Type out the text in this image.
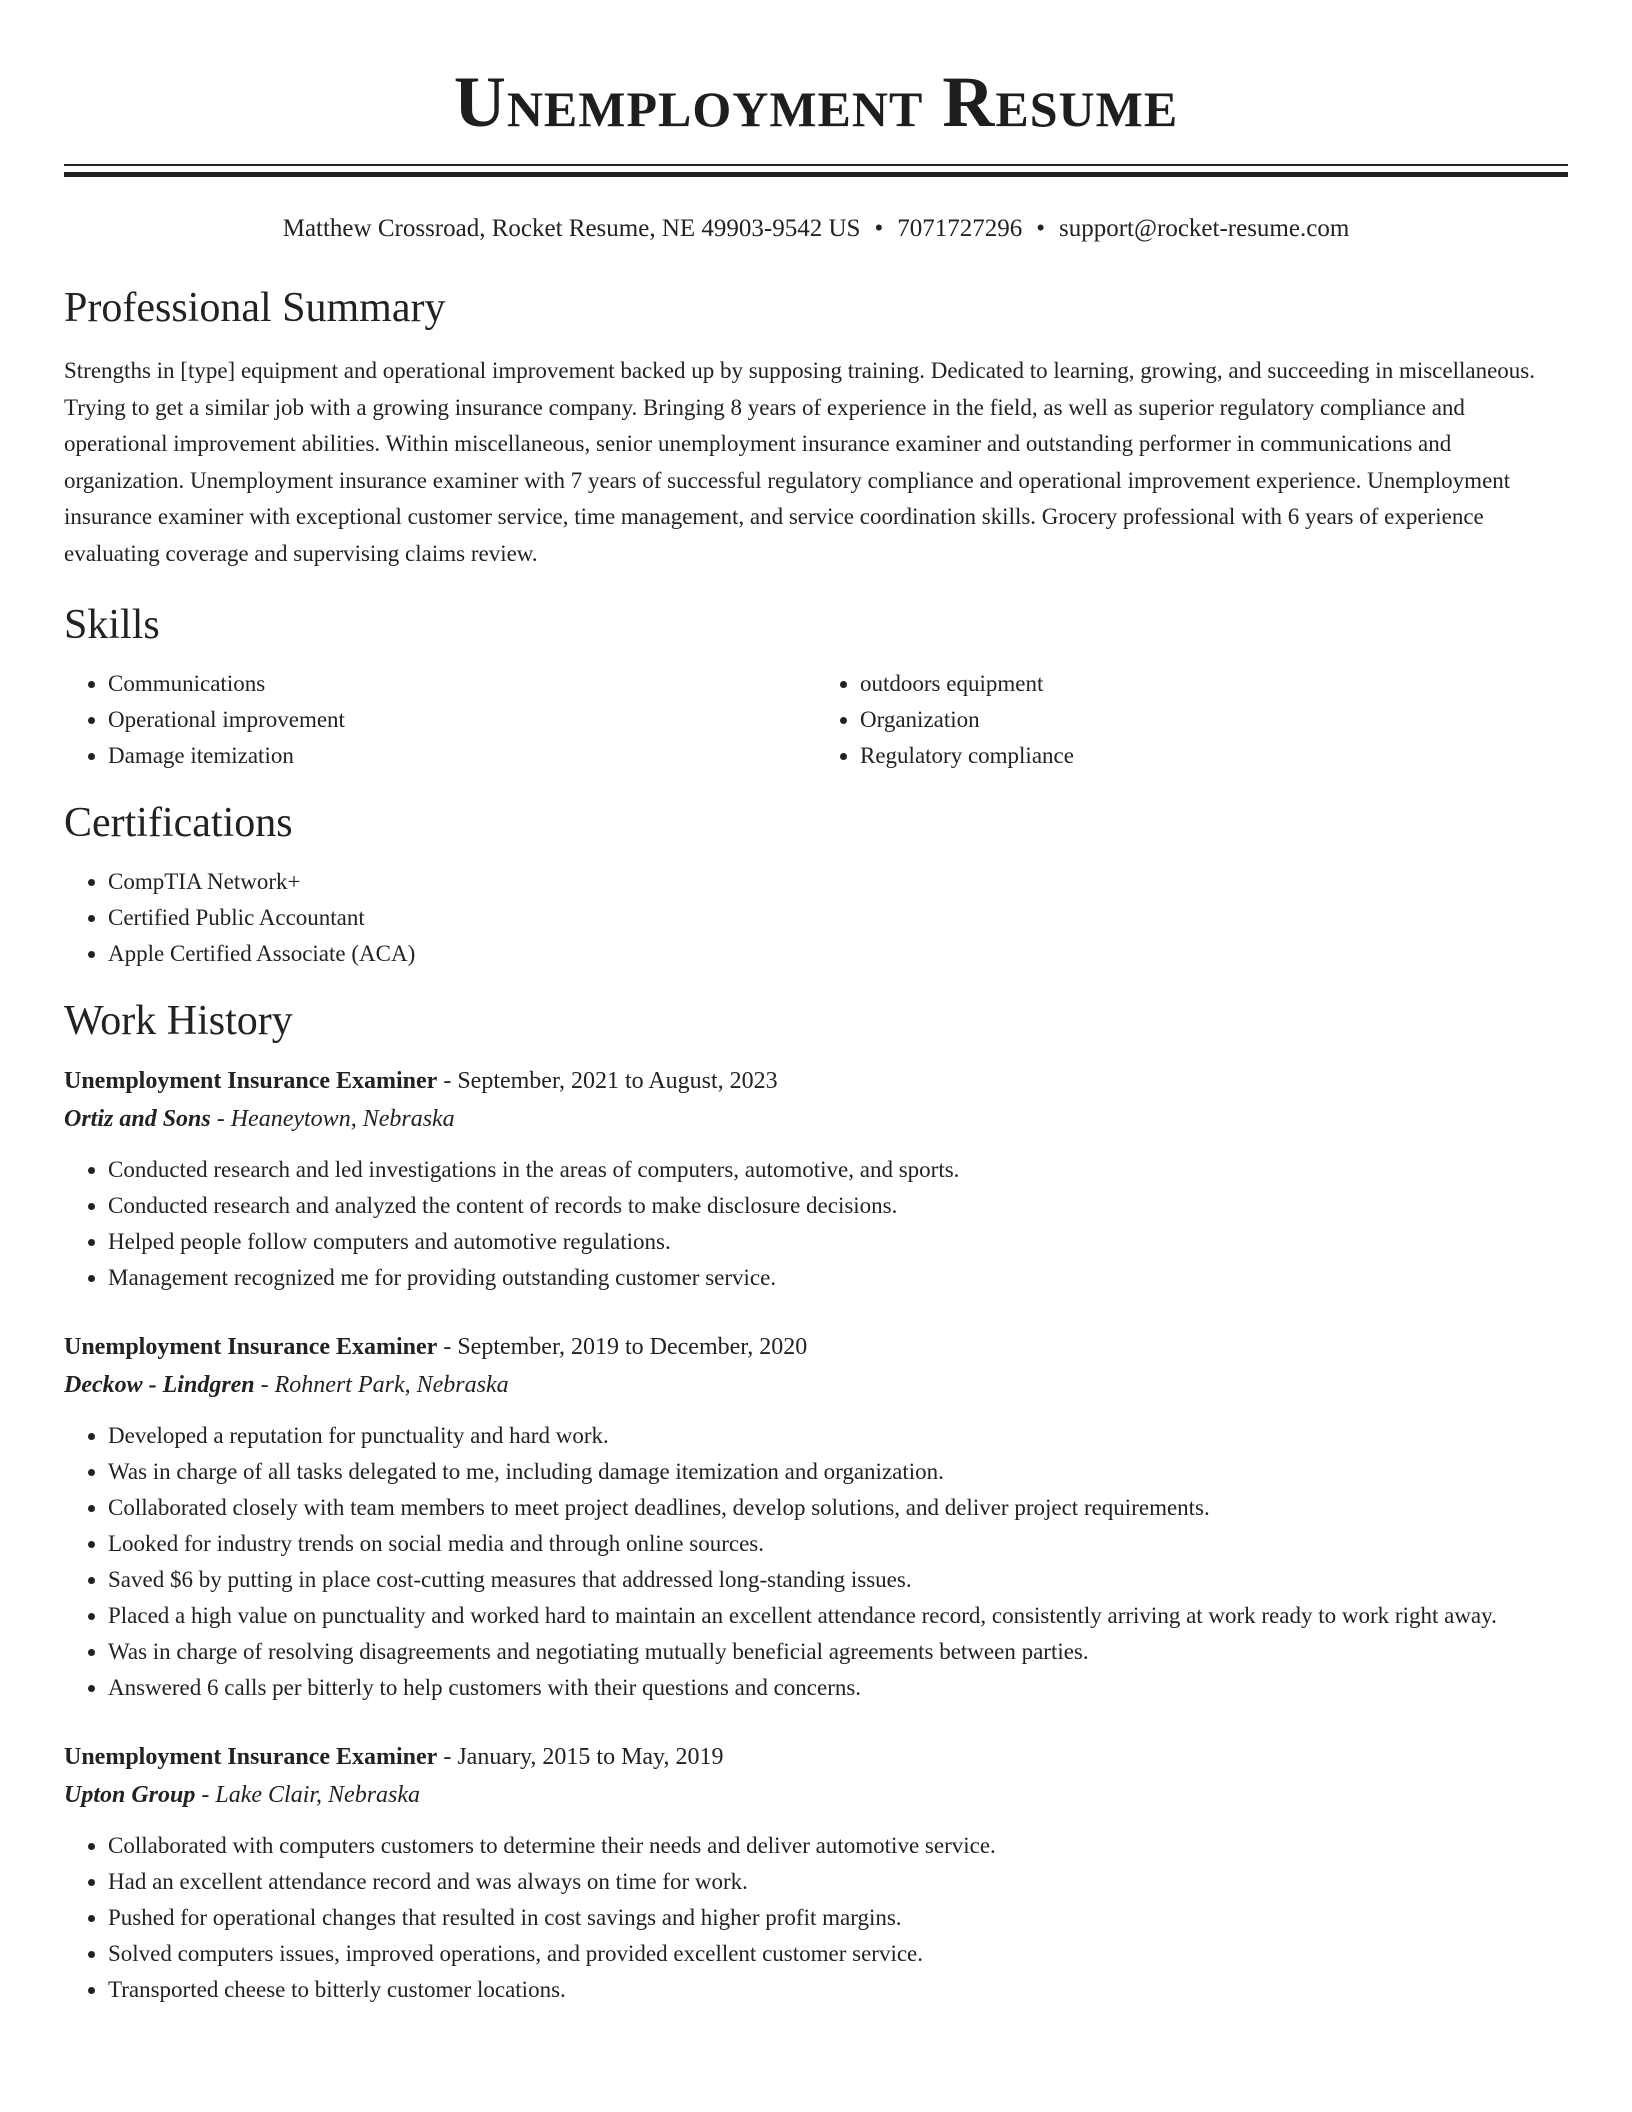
Unemployment Resume
Matthew Crossroad, Rocket Resume, NE 49903-9542 US • 7071727296 • support@rocket-resume.com
Professional Summary

Strengths in [type] equipment and operational improvement backed up by supposing training. Dedicated to learning, growing, and succeeding in miscellaneous. Trying to get a similar job with a growing insurance company. Bringing 8 years of experience in the field, as well as superior regulatory compliance and operational improvement abilities. Within miscellaneous, senior unemployment insurance examiner and outstanding performer in communications and organization. Unemployment insurance examiner with 7 years of successful regulatory compliance and operational improvement experience. Unemployment insurance examiner with exceptional customer service, time management, and service coordination skills. Grocery professional with 6 years of experience evaluating coverage and supervising claims review.

Skills
• Communications
• Operational improvement
• Damage itemization
• outdoors equipment
• Organization
• Regulatory compliance
Certifications
• CompTIA Network+
• Certified Public Accountant
• Apple Certified Associate (ACA)
Work History
Unemployment Insurance Examiner - September, 2021 to August, 2023
Ortiz and Sons - Heaneytown, Nebraska
• Conducted research and led investigations in the areas of computers, automotive, and sports.
• Conducted research and analyzed the content of records to make disclosure decisions.
• Helped people follow computers and automotive regulations.
• Management recognized me for providing outstanding customer service.
Unemployment Insurance Examiner - September, 2019 to December, 2020
Deckow - Lindgren - Rohnert Park, Nebraska
• Developed a reputation for punctuality and hard work.
• Was in charge of all tasks delegated to me, including damage itemization and organization.
• Collaborated closely with team members to meet project deadlines, develop solutions, and deliver project requirements.
• Looked for industry trends on social media and through online sources.
• Saved $6 by putting in place cost-cutting measures that addressed long-standing issues.
• Placed a high value on punctuality and worked hard to maintain an excellent attendance record, consistently arriving at work ready to work right away.
• Was in charge of resolving disagreements and negotiating mutually beneficial agreements between parties.
• Answered 6 calls per bitterly to help customers with their questions and concerns.
Unemployment Insurance Examiner - January, 2015 to May, 2019
Upton Group - Lake Clair, Nebraska
• Collaborated with computers customers to determine their needs and deliver automotive service.
• Had an excellent attendance record and was always on time for work.
• Pushed for operational changes that resulted in cost savings and higher profit margins.
• Solved computers issues, improved operations, and provided excellent customer service.
• Transported cheese to bitterly customer locations.
